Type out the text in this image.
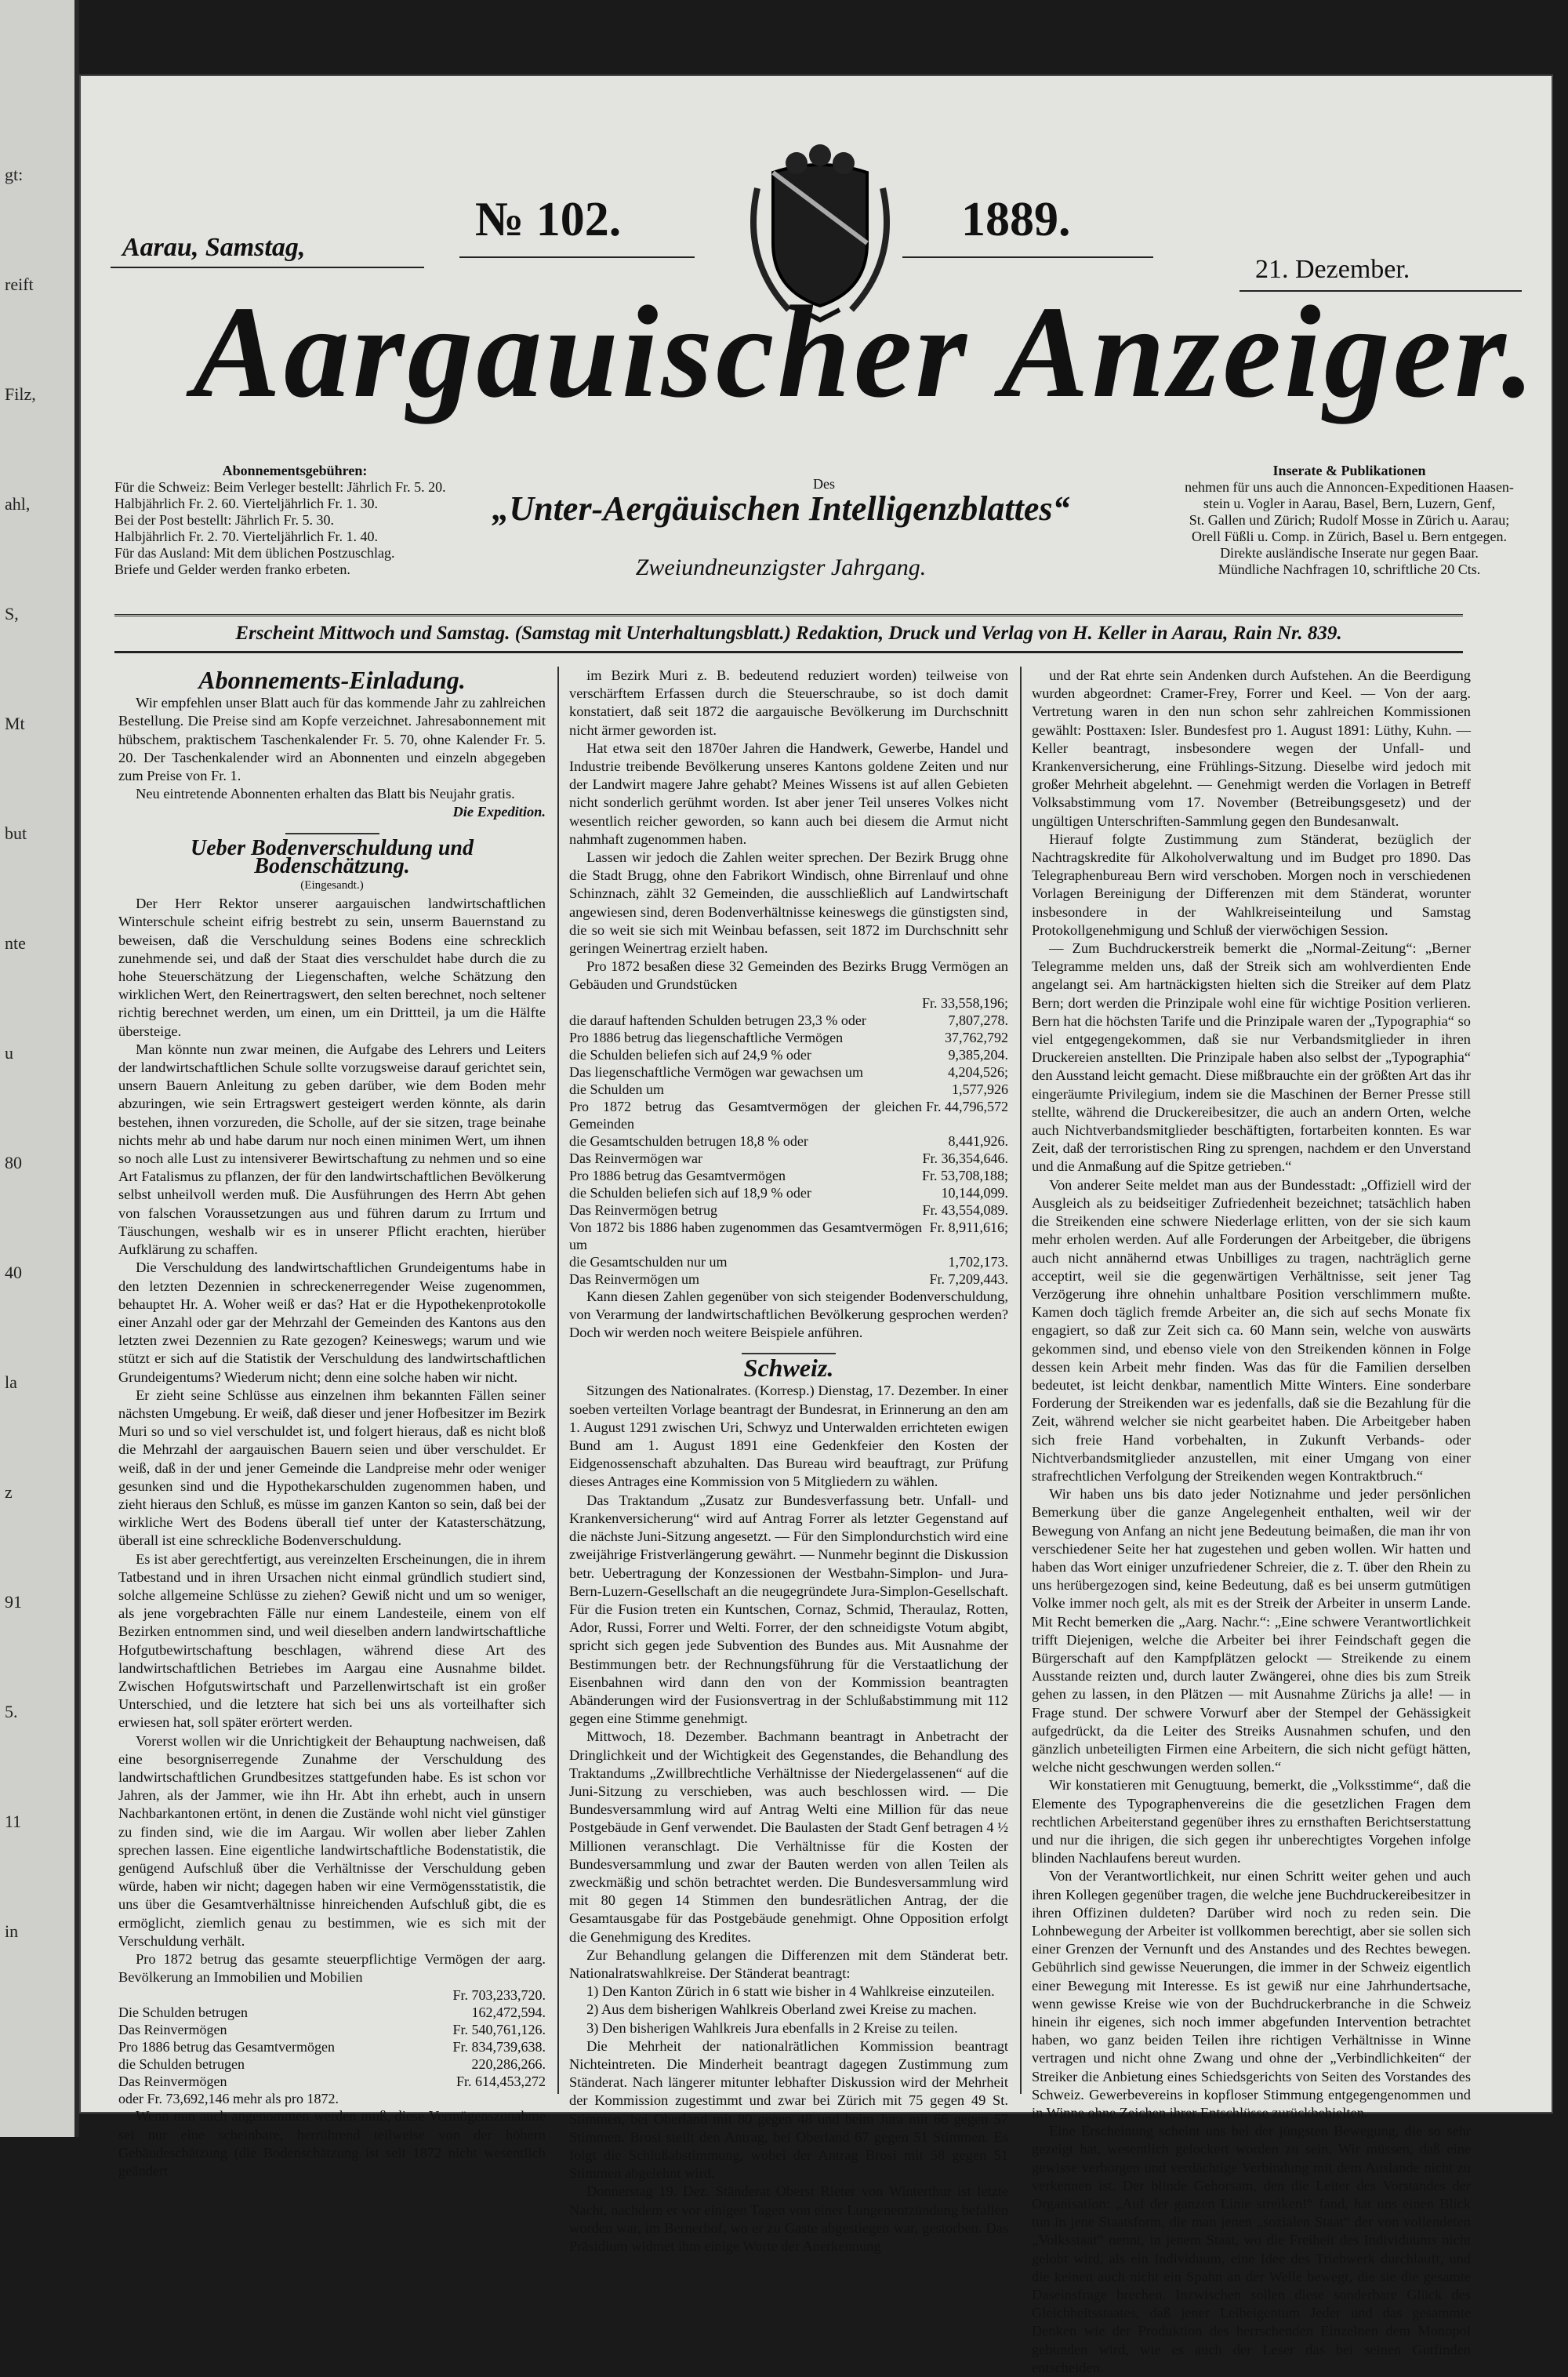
gt:

reift

Filz,

ahl,

S,

Mt

but

nte

u

80

40

la

z

91

5.

11

in

№ 102.	1889.
Aarau, Samstag,
21. Dezember.
Aargauischer Anzeiger.
Abonnementsgebühren:
Für die Schweiz: Beim Verleger bestellt: Jährlich Fr. 5. 20.
Halbjährlich Fr. 2. 60. Vierteljährlich Fr. 1. 30.
Bei der Post bestellt: Jährlich Fr. 5. 30.
Halbjährlich Fr. 2. 70. Vierteljährlich Fr. 1. 40.
Für das Ausland: Mit dem üblichen Postzuschlag.
Briefe und Gelder werden franko erbeten.
Des
„Unter-Aergäuischen Intelligenzblattes“
Zweiundneunzigster Jahrgang.
Inserate & Publikationen
nehmen für uns auch die Annoncen-Expeditionen Haasen-
stein u. Vogler in Aarau, Basel, Bern, Luzern, Genf,
St. Gallen und Zürich; Rudolf Mosse in Zürich u. Aarau;
Orell Füßli u. Comp. in Zürich, Basel u. Bern entgegen.
Direkte ausländische Inserate nur gegen Baar.
Mündliche Nachfragen 10, schriftliche 20 Cts.
Erscheint Mittwoch und Samstag. (Samstag mit Unterhaltungsblatt.) Redaktion, Druck und Verlag von H. Keller in Aarau, Rain Nr. 839.
Abonnements-Einladung.

Wir empfehlen unser Blatt auch für das kommende Jahr zu zahlreichen Bestellung. Die Preise sind am Kopfe verzeichnet. Jahresabonnement mit hübschem, praktischem Taschenkalender Fr. 5. 70, ohne Kalender Fr. 5. 20. Der Taschenkalender wird an Abonnenten und einzeln abgegeben zum Preise von Fr. 1.

Neu eintretende Abonnenten erhalten das Blatt bis Neujahr gratis.

Die Expedition.
Ueber Bodenverschuldung und Bodenschätzung.
(Eingesandt.)

Der Herr Rektor unserer aargauischen landwirtschaftlichen Winterschule scheint eifrig bestrebt zu sein, unserm Bauernstand zu beweisen, daß die Verschuldung seines Bodens eine schrecklich zunehmende sei, und daß der Staat dies verschuldet habe durch die zu hohe Steuerschätzung der Liegenschaften, welche Schätzung den wirklichen Wert, den Reinertragswert, den selten berechnet, noch seltener richtig berechnet werden, um einen, um ein Drittteil, ja um die Hälfte übersteige.

Man könnte nun zwar meinen, die Aufgabe des Lehrers und Leiters der landwirtschaftlichen Schule sollte vorzugsweise darauf gerichtet sein, unsern Bauern Anleitung zu geben darüber, wie dem Boden mehr abzuringen, wie sein Ertragswert gesteigert werden könnte, als darin bestehen, ihnen vorzureden, die Scholle, auf der sie sitzen, trage beinahe nichts mehr ab und habe darum nur noch einen minimen Wert, um ihnen so noch alle Lust zu intensiverer Bewirtschaftung zu nehmen und so eine Art Fatalismus zu pflanzen, der für den landwirtschaftlichen Bevölkerung selbst unheilvoll werden muß. Die Ausführungen des Herrn Abt gehen von falschen Voraussetzungen aus und führen darum zu Irrtum und Täuschungen, weshalb wir es in unserer Pflicht erachten, hierüber Aufklärung zu schaffen.

Die Verschuldung des landwirtschaftlichen Grundeigentums habe in den letzten Dezennien in schreckenerregender Weise zugenommen, behauptet Hr. A. Woher weiß er das? Hat er die Hypothekenprotokolle einer Anzahl oder gar der Mehrzahl der Gemeinden des Kantons aus den letzten zwei Dezennien zu Rate gezogen? Keineswegs; warum und wie stützt er sich auf die Statistik der Verschuldung des landwirtschaftlichen Grundeigentums? Wiederum nicht; denn eine solche haben wir nicht.

Er zieht seine Schlüsse aus einzelnen ihm bekannten Fällen seiner nächsten Umgebung. Er weiß, daß dieser und jener Hofbesitzer im Bezirk Muri so und so viel verschuldet ist, und folgert hieraus, daß es nicht bloß die Mehrzahl der aargauischen Bauern seien und über verschuldet. Er weiß, daß in der und jener Gemeinde die Landpreise mehr oder weniger gesunken sind und die Hypothekarschulden zugenommen haben, und zieht hieraus den Schluß, es müsse im ganzen Kanton so sein, daß bei der wirkliche Wert des Bodens überall tief unter der Katasterschätzung, überall ist eine schreckliche Bodenverschuldung.

Es ist aber gerechtfertigt, aus vereinzelten Erscheinungen, die in ihrem Tatbestand und in ihren Ursachen nicht einmal gründlich studiert sind, solche allgemeine Schlüsse zu ziehen? Gewiß nicht und um so weniger, als jene vorgebrachten Fälle nur einem Landesteile, einem von elf Bezirken entnommen sind, und weil dieselben andern landwirtschaftliche Hofgutbewirtschaftung beschlagen, während diese Art des landwirtschaftlichen Betriebes im Aargau eine Ausnahme bildet. Zwischen Hofgutswirtschaft und Parzellenwirtschaft ist ein großer Unterschied, und die letztere hat sich bei uns als vorteilhafter sich erwiesen hat, soll später erörtert werden.

Vorerst wollen wir die Unrichtigkeit der Behauptung nachweisen, daß eine besorgniserregende Zunahme der Verschuldung des landwirtschaftlichen Grundbesitzes stattgefunden habe. Es ist schon vor Jahren, als der Jammer, wie ihn Hr. Abt ihn erhebt, auch in unsern Nachbarkantonen ertönt, in denen die Zustände wohl nicht viel günstiger zu finden sind, wie die im Aargau. Wir wollen aber lieber Zahlen sprechen lassen. Eine eigentliche landwirtschaftliche Bodenstatistik, die genügend Aufschluß über die Verhältnisse der Verschuldung geben würde, haben wir nicht; dagegen haben wir eine Vermögensstatistik, die uns über die Gesamtverhältnisse hinreichenden Aufschluß gibt, die es ermöglicht, ziemlich genau zu bestimmen, wie es sich mit der Verschuldung verhält.

Pro 1872 betrug das gesamte steuerpflichtige Vermögen der aarg. Bevölkerung an Immobilien und Mobilien

	Fr. 703,233,720.
Die Schulden betrugen	162,472,594.
Das Reinvermögen	Fr. 540,761,126.
Pro 1886 betrug das Gesamtvermögen	Fr. 834,739,638.
die Schulden betrugen	220,286,266.
Das Reinvermögen	Fr. 614,453,272
oder Fr. 73,692,146 mehr als pro 1872.	

Wenn nun auch angenommen werden muß, diese Vermögenszunahme sei nur eine scheinbare, herrührend teilweise von der höhern Gebäudeschätzung (die Bodenschätzung ist seit 1872 nicht wesentlich geändert

im Bezirk Muri z. B. bedeutend reduziert worden) teilweise von verschärftem Erfassen durch die Steuerschraube, so ist doch damit konstatiert, daß seit 1872 die aargauische Bevölkerung im Durchschnitt nicht ärmer geworden ist.

Hat etwa seit den 1870er Jahren die Handwerk, Gewerbe, Handel und Industrie treibende Bevölkerung unseres Kantons goldene Zeiten und nur der Landwirt magere Jahre gehabt? Meines Wissens ist auf allen Gebieten nicht sonderlich gerühmt worden. Ist aber jener Teil unseres Volkes nicht wesentlich reicher geworden, so kann auch bei diesem die Armut nicht nahmhaft zugenommen haben.

Lassen wir jedoch die Zahlen weiter sprechen. Der Bezirk Brugg ohne die Stadt Brugg, ohne den Fabrikort Windisch, ohne Birrenlauf und ohne Schinznach, zählt 32 Gemeinden, die ausschließlich auf Landwirtschaft angewiesen sind, deren Bodenverhältnisse keineswegs die günstigsten sind, die so weit sie sich mit Weinbau befassen, seit 1872 im Durchschnitt sehr geringen Weinertrag erzielt haben.

Pro 1872 besaßen diese 32 Gemeinden des Bezirks Brugg Vermögen an Gebäuden und Grundstücken

	Fr. 33,558,196;
die darauf haftenden Schulden betrugen 23,3 % oder	7,807,278.
Pro 1886 betrug das liegenschaftliche Vermögen	37,762,792
die Schulden beliefen sich auf 24,9 % oder	9,385,204.
Das liegenschaftliche Vermögen war gewachsen um	4,204,526;
die Schulden um	1,577,926
Pro 1872 betrug das Gesamtvermögen der gleichen Gemeinden	Fr. 44,796,572
die Gesamtschulden betrugen 18,8 % oder	8,441,926.
Das Reinvermögen war	Fr. 36,354,646.
Pro 1886 betrug das Gesamtvermögen	Fr. 53,708,188;
die Schulden beliefen sich auf 18,9 % oder	10,144,099.
Das Reinvermögen betrug	Fr. 43,554,089.
Von 1872 bis 1886 haben zugenommen das Gesamtvermögen um	Fr. 8,911,616;
die Gesamtschulden nur um	1,702,173.
Das Reinvermögen um	Fr. 7,209,443.

Kann diesen Zahlen gegenüber von sich steigender Bodenverschuldung, von Verarmung der landwirtschaftlichen Bevölkerung gesprochen werden? Doch wir werden noch weitere Beispiele anführen.

Schweiz.

Sitzungen des Nationalrates. (Korresp.) Dienstag, 17. Dezember. In einer soeben verteilten Vorlage beantragt der Bundesrat, in Erinnerung an den am 1. August 1291 zwischen Uri, Schwyz und Unterwalden errichteten ewigen Bund am 1. August 1891 eine Gedenkfeier den Kosten der Eidgenossenschaft abzuhalten. Das Bureau wird beauftragt, zur Prüfung dieses Antrages eine Kommission von 5 Mitgliedern zu wählen.

Das Traktandum „Zusatz zur Bundesverfassung betr. Unfall- und Krankenversicherung“ wird auf Antrag Forrer als letzter Gegenstand auf die nächste Juni-Sitzung angesetzt. — Für den Simplondurchstich wird eine zweijährige Fristverlängerung gewährt. — Nunmehr beginnt die Diskussion betr. Uebertragung der Konzessionen der Westbahn-Simplon- und Jura-Bern-Luzern-Gesellschaft an die neugegründete Jura-Simplon-Gesellschaft. Für die Fusion treten ein Kuntschen, Cornaz, Schmid, Theraulaz, Rotten, Ador, Russi, Forrer und Welti. Forrer, der den schneidigste Votum abgibt, spricht sich gegen jede Subvention des Bundes aus. Mit Ausnahme der Bestimmungen betr. der Rechnungsführung für die Verstaatlichung der Eisenbahnen wird dann den von der Kommission beantragten Abänderungen wird der Fusionsvertrag in der Schlußabstimmung mit 112 gegen eine Stimme genehmigt.

Mittwoch, 18. Dezember. Bachmann beantragt in Anbetracht der Dringlichkeit und der Wichtigkeit des Gegenstandes, die Behandlung des Traktandums „Zwillbrechtliche Verhältnisse der Niedergelassenen“ auf die Juni-Sitzung zu verschieben, was auch beschlossen wird. — Die Bundesversammlung wird auf Antrag Welti eine Million für das neue Postgebäude in Genf verwendet. Die Baulasten der Stadt Genf betragen 4 ½ Millionen veranschlagt. Die Verhältnisse für die Kosten der Bundesversammlung und zwar der Bauten werden von allen Teilen als zweckmäßig und schön betrachtet werden. Die Bundesversammlung wird mit 80 gegen 14 Stimmen den bundesrätlichen Antrag, der die Gesamtausgabe für das Postgebäude genehmigt. Ohne Opposition erfolgt die Genehmigung des Kredites.

Zur Behandlung gelangen die Differenzen mit dem Ständerat betr. Nationalratswahlkreise. Der Ständerat beantragt:

1) Den Kanton Zürich in 6 statt wie bisher in 4 Wahlkreise einzuteilen.

2) Aus dem bisherigen Wahlkreis Oberland zwei Kreise zu machen.

3) Den bisherigen Wahlkreis Jura ebenfalls in 2 Kreise zu teilen.

Die Mehrheit der nationalrätlichen Kommission beantragt Nichteintreten. Die Minderheit beantragt dagegen Zustimmung zum Ständerat. Nach längerer mitunter lebhafter Diskussion wird der Mehrheit der Kommission zugestimmt und zwar bei Zürich mit 75 gegen 49 St. Stimmen, bei Oberland mit 80 gegen 48 und beim Jura mit 66 gegen 57 Stimmen. Brosi stellt den Antrag, bei Oberland 67 gegen 51 Stimmen. Es folgt die Schlußabstimmung, wobei der Antrag Brosi mit 58 gegen 51 Stimmen abgelehnt wird.

Donnerstag 19. Dez. Ständerat Oberst Rieter von Winterthur ist letzte Nacht, nachdem er vor einigen Tagen von einer Lungenentzündung befallen worden war, im Bernerhof, wo er zu Gaste abgestiegen war, gestorben. Das Präsidium widmet ihm einige Worte der Anerkennung

und der Rat ehrte sein Andenken durch Aufstehen. An die Beerdigung wurden abgeordnet: Cramer-Frey, Forrer und Keel. — Von der aarg. Vertretung waren in den nun schon sehr zahlreichen Kommissionen gewählt: Posttaxen: Isler. Bundesfest pro 1. August 1891: Lüthy, Kuhn. — Keller beantragt, insbesondere wegen der Unfall- und Krankenversicherung, eine Frühlings-Sitzung. Dieselbe wird jedoch mit großer Mehrheit abgelehnt. — Genehmigt werden die Vorlagen in Betreff Volksabstimmung vom 17. November (Betreibungsgesetz) und der ungültigen Unterschriften-Sammlung gegen den Bundesanwalt.

Hierauf folgte Zustimmung zum Ständerat, bezüglich der Nachtragskredite für Alkoholverwaltung und im Budget pro 1890. Das Telegraphenbureau Bern wird verschoben. Morgen noch in verschiedenen Vorlagen Bereinigung der Differenzen mit dem Ständerat, worunter insbesondere in der Wahlkreiseinteilung und Samstag Protokollgenehmigung und Schluß der vierwöchigen Session.

— Zum Buchdruckerstreik bemerkt die „Normal-Zeitung“: „Berner Telegramme melden uns, daß der Streik sich am wohlverdienten Ende angelangt sei. Am hartnäckigsten hielten sich die Streiker auf dem Platz Bern; dort werden die Prinzipale wohl eine für wichtige Position verlieren. Bern hat die höchsten Tarife und die Prinzipale waren der „Typographia“ so viel entgegengekommen, daß sie nur Verbandsmitglieder in ihren Druckereien anstellten. Die Prinzipale haben also selbst der „Typographia“ den Ausstand leicht gemacht. Diese mißbrauchte ein der größten Art das ihr eingeräumte Privilegium, indem sie die Maschinen der Berner Presse still stellte, während die Druckereibesitzer, die auch an andern Orten, welche auch Nichtverbandsmitglieder beschäftigten, fortarbeiten konnten. Es war Zeit, daß der terroristischen Ring zu sprengen, nachdem er den Unverstand und die Anmaßung auf die Spitze getrieben.“

Von anderer Seite meldet man aus der Bundesstadt: „Offiziell wird der Ausgleich als zu beidseitiger Zufriedenheit bezeichnet; tatsächlich haben die Streikenden eine schwere Niederlage erlitten, von der sie sich kaum mehr erholen werden. Auf alle Forderungen der Arbeitgeber, die übrigens auch nicht annähernd etwas Unbilliges zu tragen, nachträglich gerne acceptirt, weil sie die gegenwärtigen Verhältnisse, seit jener Tag Verzögerung ihre ohnehin unhaltbare Position verschlimmern mußte. Kamen doch täglich fremde Arbeiter an, die sich auf sechs Monate fix engagiert, so daß zur Zeit sich ca. 60 Mann sein, welche von auswärts gekommen sind, und ebenso viele von den Streikenden können in Folge dessen kein Arbeit mehr finden. Was das für die Familien derselben bedeutet, ist leicht denkbar, namentlich Mitte Winters. Eine sonderbare Forderung der Streikenden war es jedenfalls, daß sie die Bezahlung für die Zeit, während welcher sie nicht gearbeitet haben. Die Arbeitgeber haben sich freie Hand vorbehalten, in Zukunft Verbands- oder Nichtverbandsmitglieder anzustellen, mit einer Umgang von einer strafrechtlichen Verfolgung der Streikenden wegen Kontraktbruch.“

Wir haben uns bis dato jeder Notiznahme und jeder persönlichen Bemerkung über die ganze Angelegenheit enthalten, weil wir der Bewegung von Anfang an nicht jene Bedeutung beimaßen, die man ihr von verschiedener Seite her hat zugestehen und geben wollen. Wir hatten und haben das Wort einiger unzufriedener Schreier, die z. T. über den Rhein zu uns herübergezogen sind, keine Bedeutung, daß es bei unserm gutmütigen Volke immer noch gelt, als mit es der Streik der Arbeiter in unserm Lande. Mit Recht bemerken die „Aarg. Nachr.“: „Eine schwere Verantwortlichkeit trifft Diejenigen, welche die Arbeiter bei ihrer Feindschaft gegen die Bürgerschaft auf den Kampfplätzen gelockt — Streikende zu einem Ausstande reizten und, durch lauter Zwängerei, ohne dies bis zum Streik gehen zu lassen, in den Plätzen — mit Ausnahme Zürichs ja alle! — in Frage stund. Der schwere Vorwurf aber der Stempel der Gehässigkeit aufgedrückt, da die Leiter des Streiks Ausnahmen schufen, und den gänzlich unbeteiligten Firmen eine Arbeitern, die sich nicht gefügt hätten, welche nicht geschwungen werden sollen.“

Wir konstatieren mit Genugtuung, bemerkt, die „Volksstimme“, daß die Elemente des Typographenvereins die die gesetzlichen Fragen dem rechtlichen Arbeiterstand gegenüber ihres zu ernsthaften Berichtserstattung und nur die ihrigen, die sich gegen ihr unberechtigtes Vorgehen infolge blinden Nachlaufens bereut wurden.

Von der Verantwortlichkeit, nur einen Schritt weiter gehen und auch ihren Kollegen gegenüber tragen, die welche jene Buchdruckereibesitzer in ihren Offizinen duldeten? Darüber wird noch zu reden sein. Die Lohnbewegung der Arbeiter ist vollkommen berechtigt, aber sie sollen sich einer Grenzen der Vernunft und des Anstandes und des Rechtes bewegen. Gebührlich sind gewisse Neuerungen, die immer in der Schweiz eigentlich einer Bewegung mit Interesse. Es ist gewiß nur eine Jahrhundertsache, wenn gewisse Kreise wie von der Buchdruckerbranche in die Schweiz hinein ihr eigenes, sich noch immer abgefunden Intervention betrachtet haben, wo ganz beiden Teilen ihre richtigen Verhältnisse in Winne vertragen und nicht ohne Zwang und ohne der „Verbindlichkeiten“ der Streiker die Anbietung eines Schiedsgerichts von Seiten des Vorstandes des Schweiz. Gewerbevereins in kopfloser Stimmung entgegengenommen und in Winne ohne Zeichen ihrer Entschlüsse zurückbehielten.

Eine Erscheinung scheint uns bei der jüngsten Bewegung, die so sehr gezeigt hat, wesentlich gelockert worden zu sein. Wir müssen, daß eine gewisse verborgen und verdächtige Verbindung mit dem Auslande nicht zu verkennen ist. Der blinde Gehorsam, den die Leiter des Vorstandes der Organisation: „Auf der ganzen Linie streiken!“ fand, hat uns einen Blick tun in jene Staatsform, die man jenen „sozialen Staat“ der von vollendeten „Volksstaat“ nennt, in jenem Staat, wo die Freiheit des Individuums nicht gelobt wird, als ein Individuum, eine Idee des Triebwerk durchlauft, und die keinen auch nicht ein Spahn an der Welle bewegt, die sie die gesamte Daseinsfrage brechen. Inzwischen sollen diese sonderbare Glück des Gleichheitsstaates, daß jener Leibeigentum Jeder und das gesammte Denken wie der Produktion des herrschenden Einzelnen dem Monopol gebunden wird, wie es auch der Leser das bei seinen Gutfinden entscheiden.
